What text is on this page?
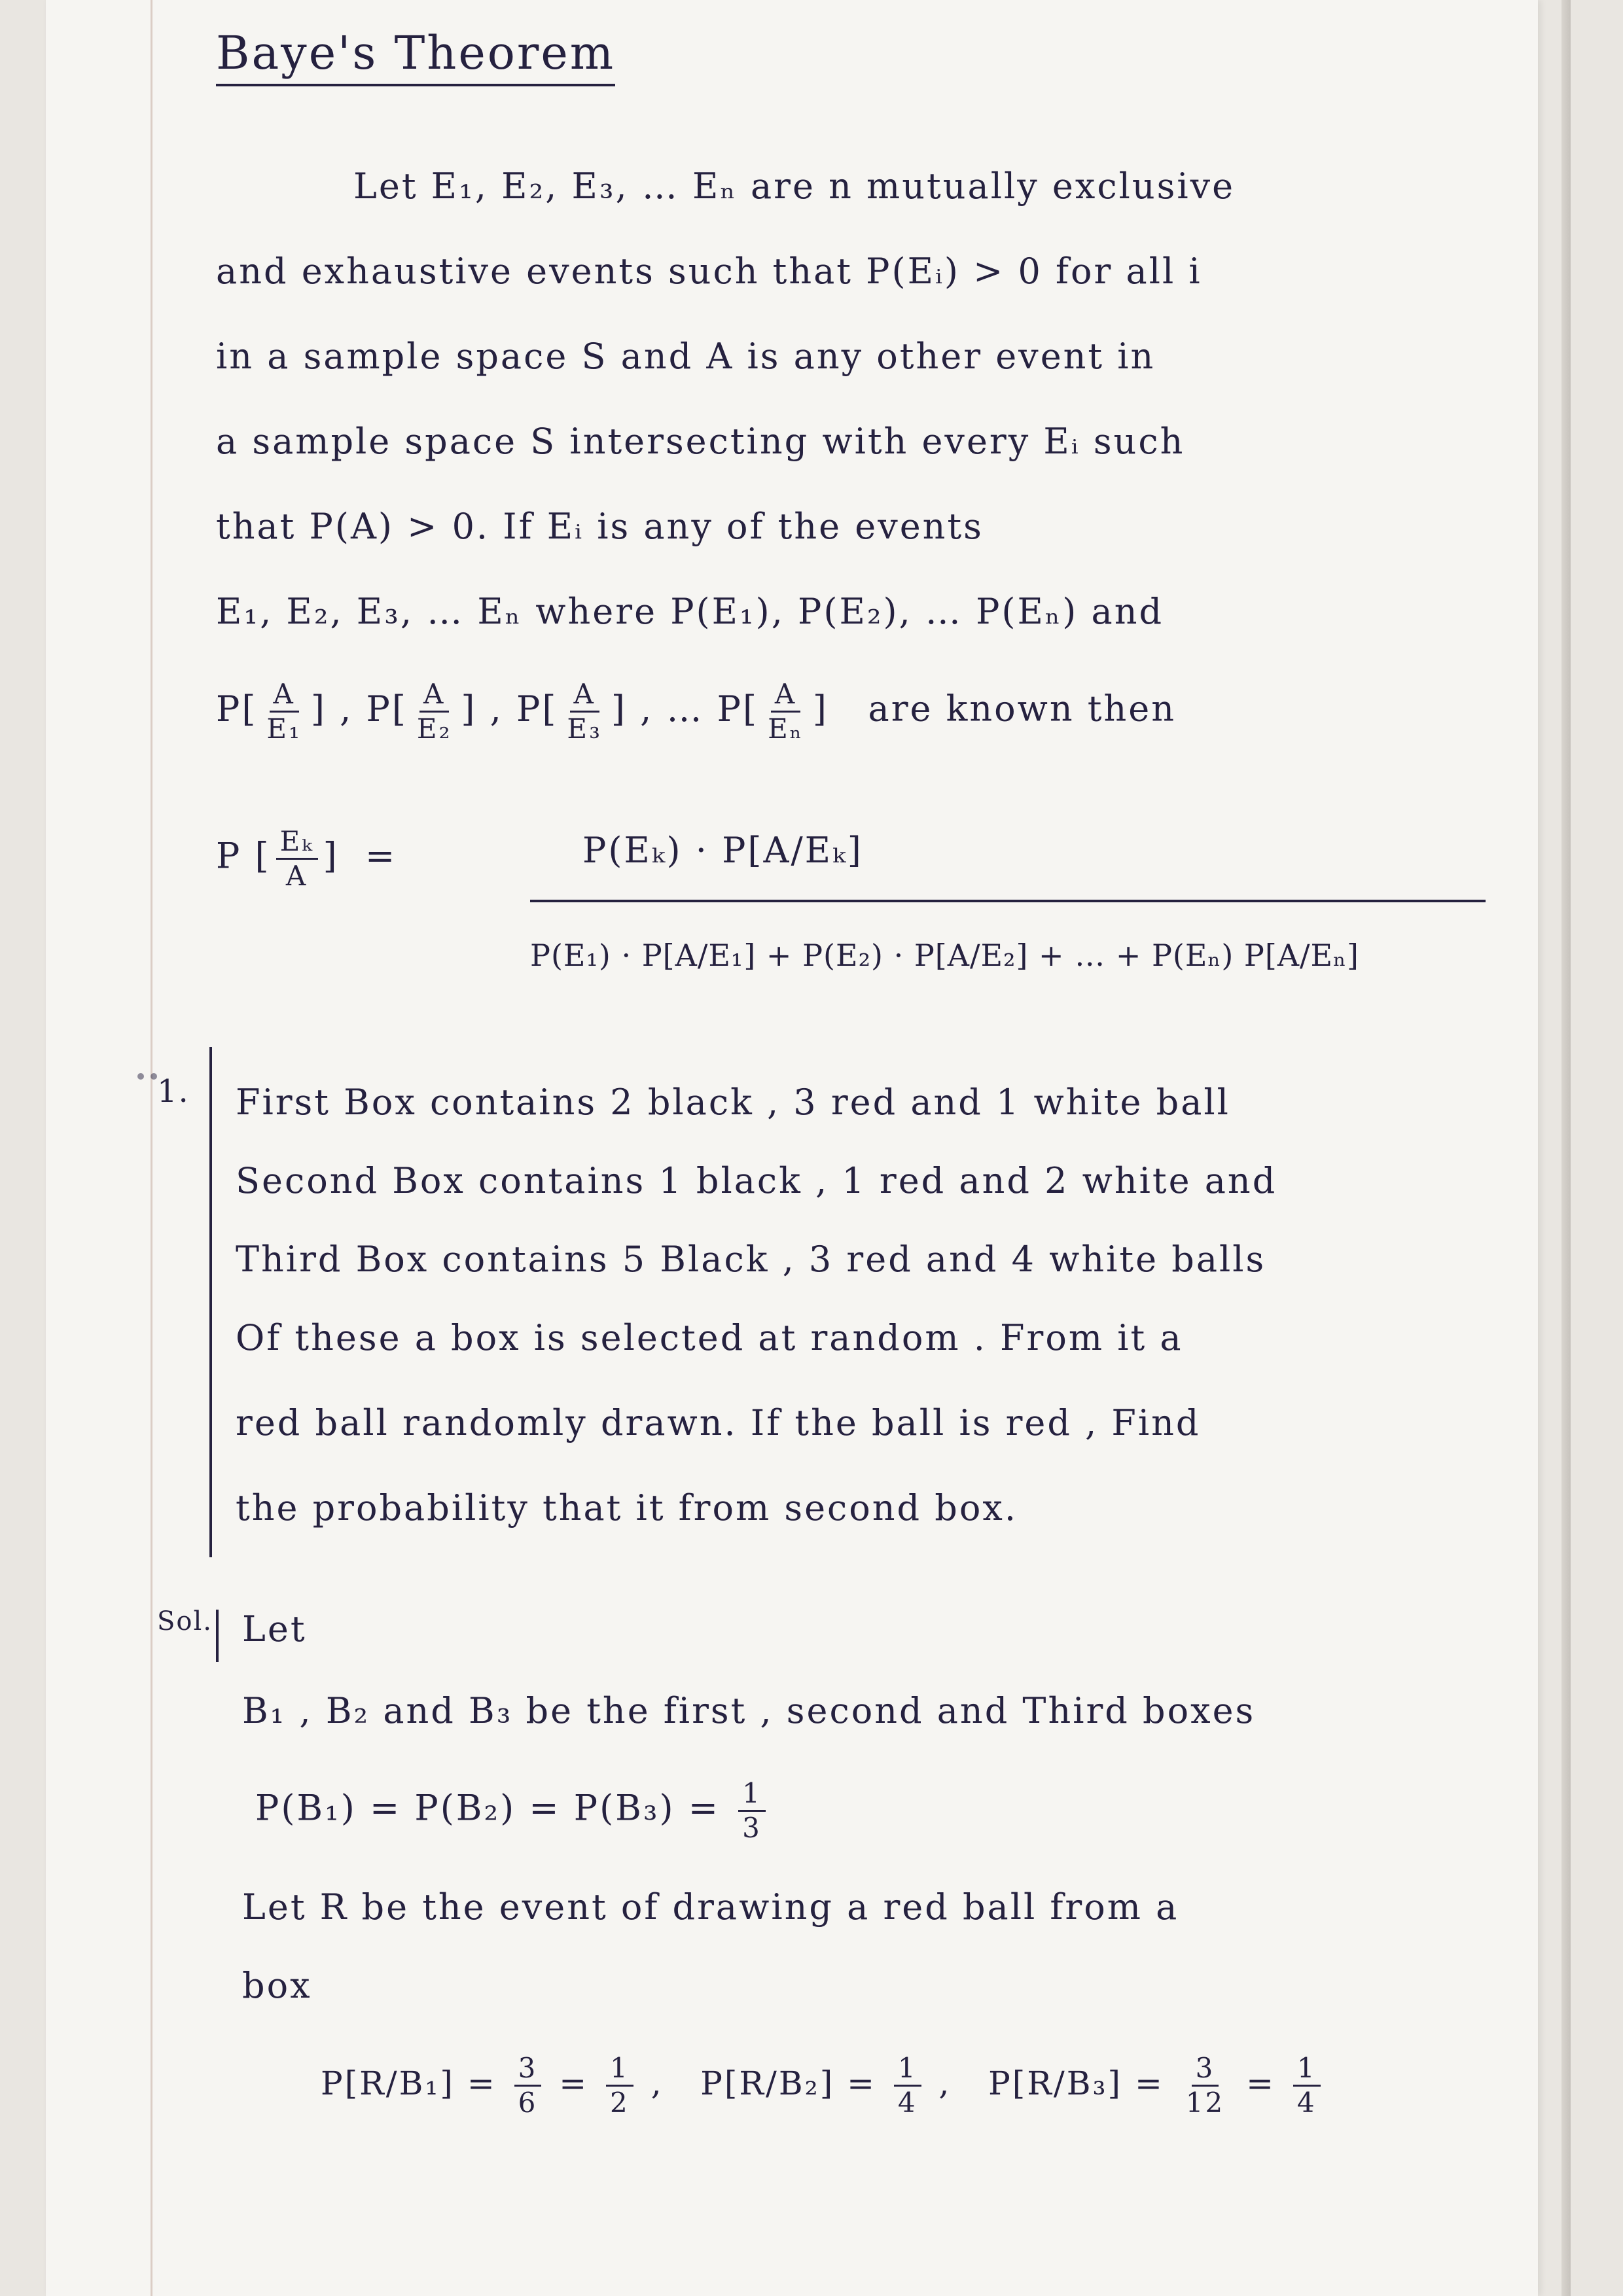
Baye's Theorem
Let E₁, E₂, E₃, … Eₙ are n mutually exclusive
and exhaustive events such that P(Eᵢ) > 0 for all i
in a sample space S and A is any other event in
a sample space S intersecting with every Eᵢ such
that P(A) > 0. If Eᵢ is any of the events
E₁, E₂, E₃, … Eₙ where P(E₁), P(E₂), … P(Eₙ) and
$P[ \frac{A}{\text{E₁}}$ ] , $P[ \frac{A}{\text{E₂}}$ ] , $P[ \frac{A}{\text{E₃}}$ ] , … $P[ \frac{A}{\text{Eₙ}}$ ] are known then
P [ $\frac{\text{Eₖ}}{A}$ ]  =	P(Eₖ) · P[A/Eₖ]
P(E₁) · P[A/E₁] + P(E₂) · P[A/E₂] + … + P(Eₙ) P[A/Eₙ]
1. First Box contains 2 black , 3 red and 1 white ball
Second Box contains 1 black , 1 red and 2 white and
Third Box contains 5 Black , 3 red and 4 white balls
Of these a box is selected at random . From it a
red ball randomly drawn. If the ball is red , Find
the probability that it from second box.
Sol. Let
B₁ , B₂ and B₃ be the first , second and Third boxes
$P(B_1) = P(B_2) = P(B_3) = \frac{1}{3}$
Let R be the event of drawing a red ball from a
box
$P[R/B_1] = \frac{3}{6} = \frac{1}{2}$ ,   $P[R/B_2] = \frac{1}{4}$ ,   $P[R/B_3] = \frac{3}{12} = \frac{1}{4}$
